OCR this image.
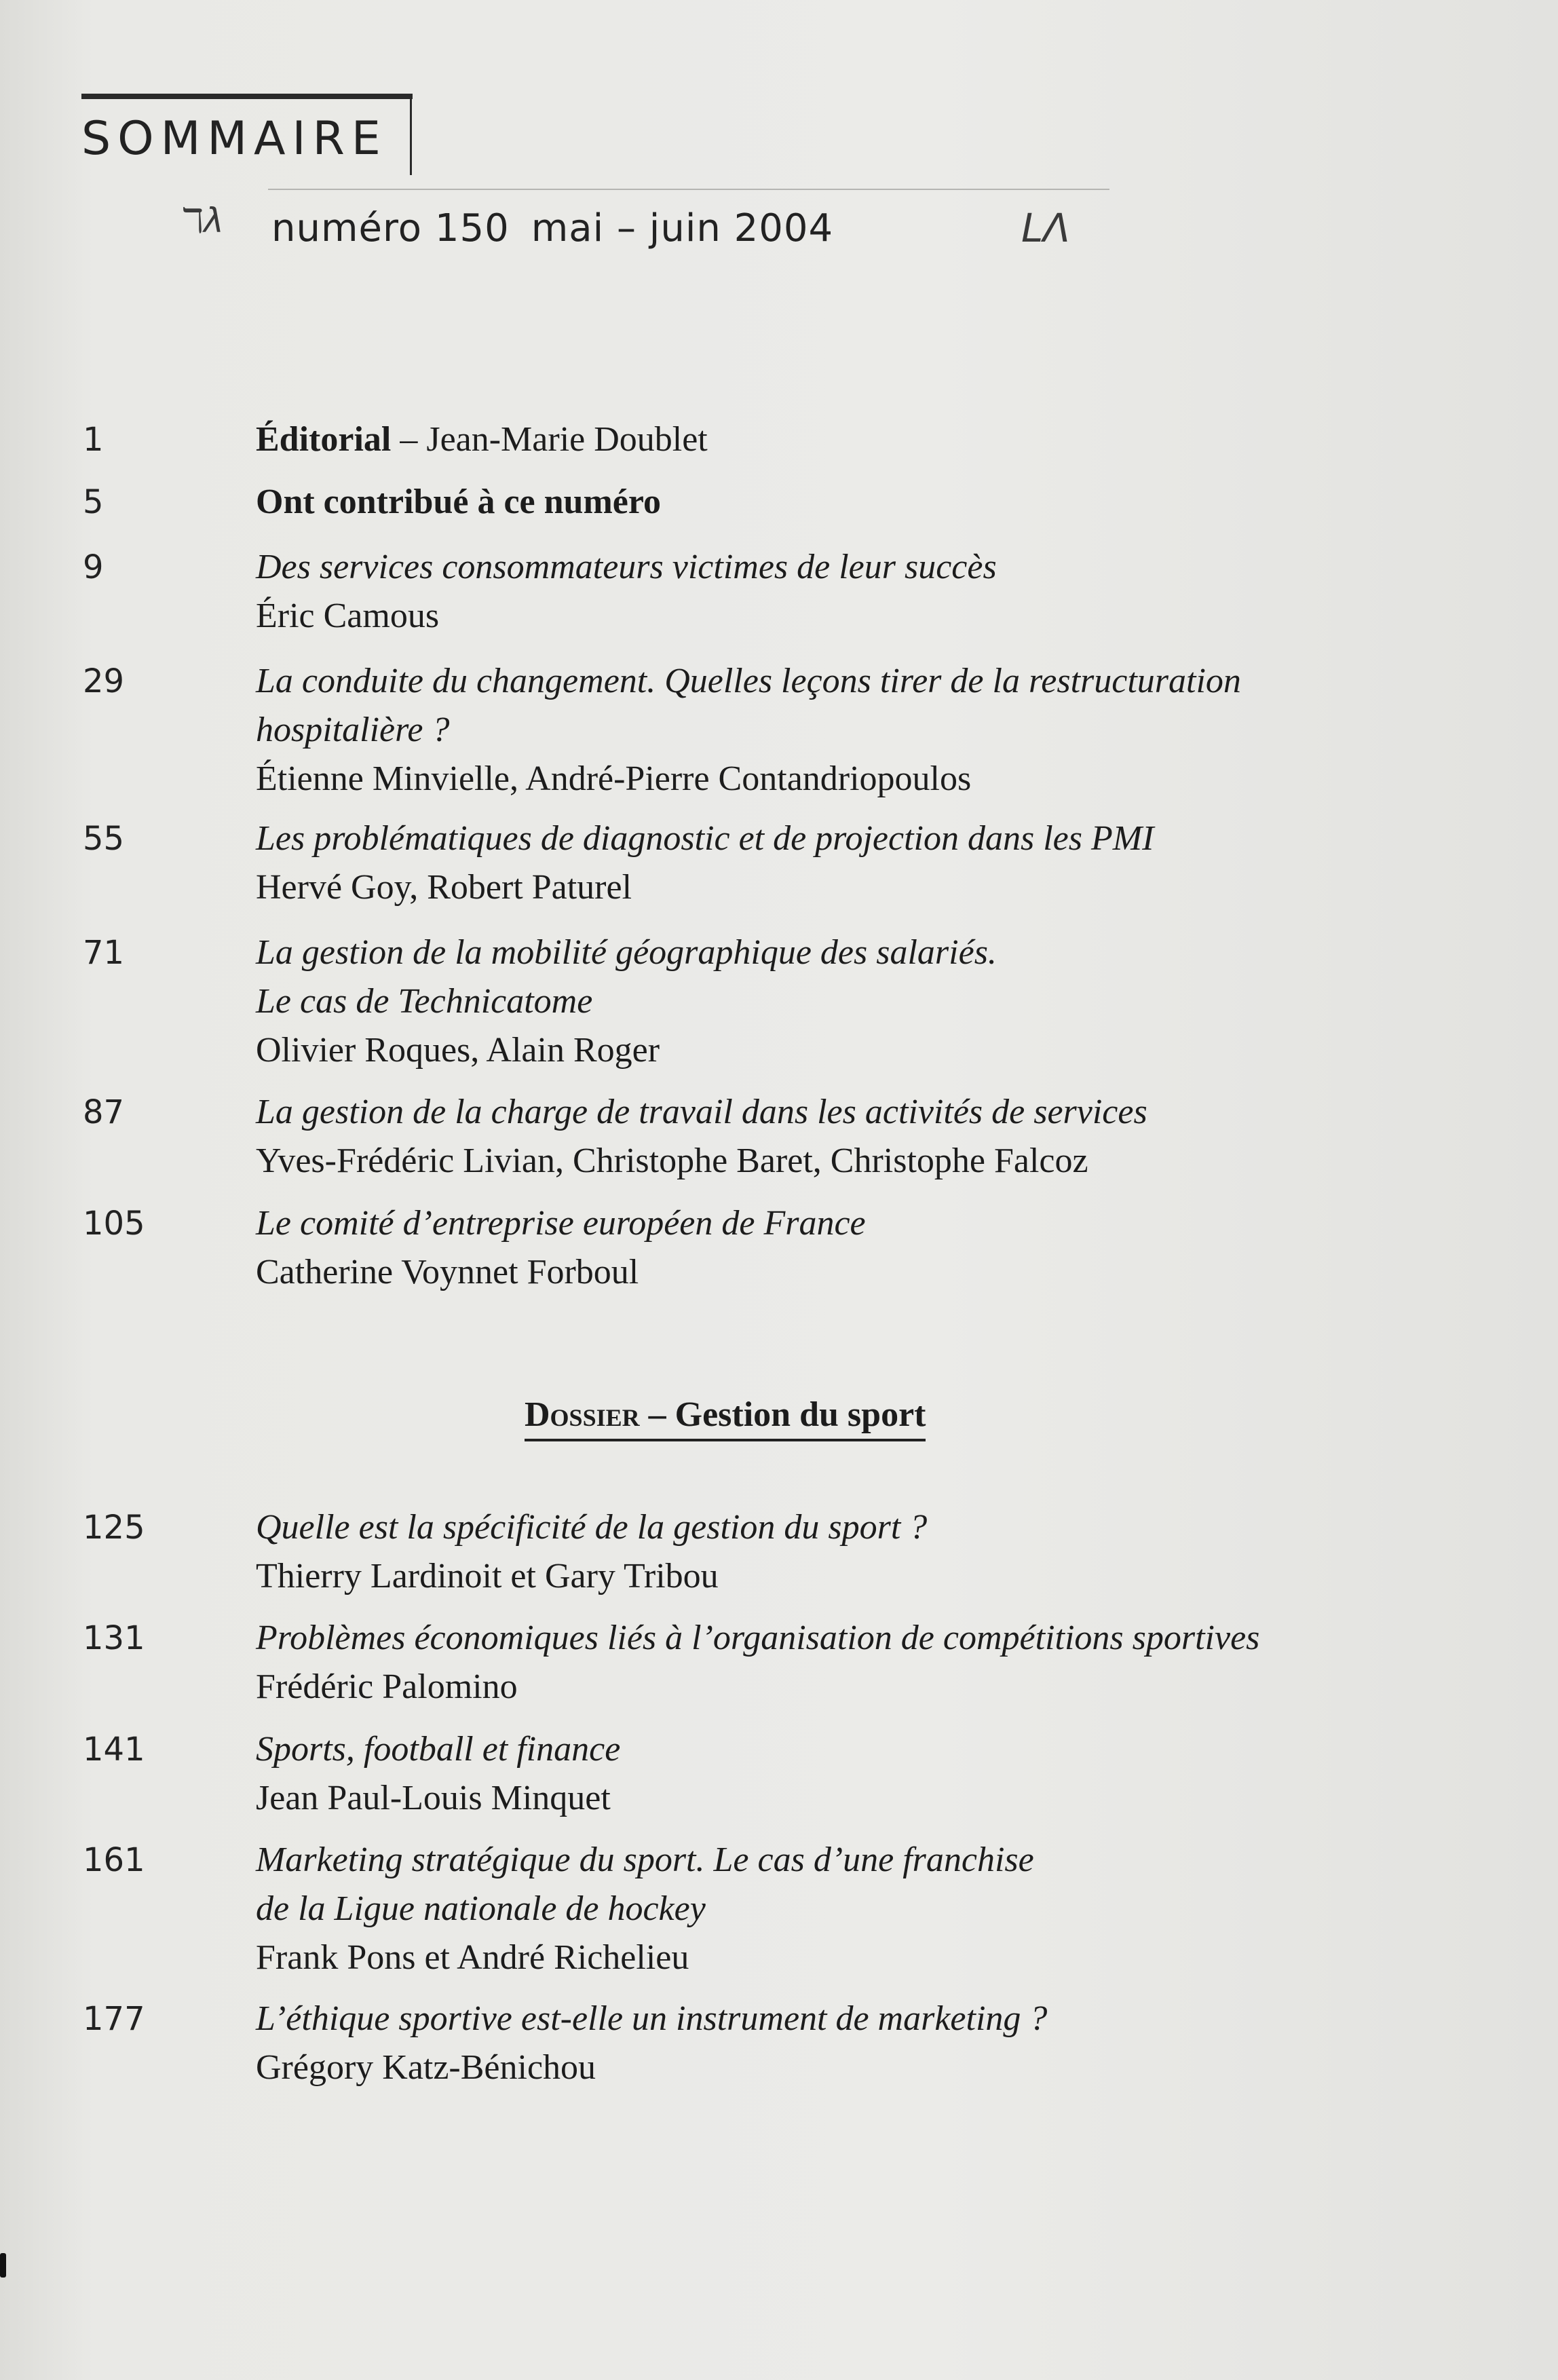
SOMMAIRE
ℸλ numéro 150 mai – juin 2004	LΛ
1	Éditorial – Jean-Marie Doublet
5	Ont contribué à ce numéro
9	Des services consommateurs victimes de leur succès
Éric Camous
29	La conduite du changement. Quelles leçons tirer de la restructuration
hospitalière ?
Étienne Minvielle, André-Pierre Contandriopoulos
55	Les problématiques de diagnostic et de projection dans les PMI
Hervé Goy, Robert Paturel
71	La gestion de la mobilité géographique des salariés.
Le cas de Technicatome
Olivier Roques, Alain Roger
87	La gestion de la charge de travail dans les activités de services
Yves-Frédéric Livian, Christophe Baret, Christophe Falcoz
105	Le comité d’entreprise européen de France
Catherine Voynnet Forboul
Dossier – Gestion du sport
125	Quelle est la spécificité de la gestion du sport ?
Thierry Lardinoit et Gary Tribou
131	Problèmes économiques liés à l’organisation de compétitions sportives
Frédéric Palomino
141	Sports, football et finance
Jean Paul-Louis Minquet
161	Marketing stratégique du sport. Le cas d’une franchise
de la Ligue nationale de hockey
Frank Pons et André Richelieu
177	L’éthique sportive est-elle un instrument de marketing ?
Grégory Katz-Bénichou
